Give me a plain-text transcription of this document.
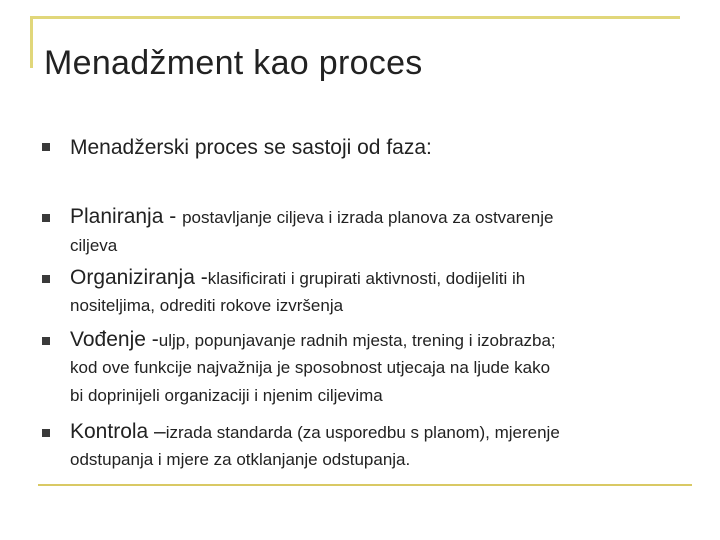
Menadžment kao proces
Menadžerski proces se sastoji od faza:
Planiranja - postavljanje ciljeva i izrada planova za ostvarenje
ciljeva
Organiziranja -klasificirati i grupirati aktivnosti, dodijeliti ih
nositeljima, odrediti rokove izvršenja
Vođenje -uljp, popunjavanje radnih mjesta, trening i izobrazba;
kod ove funkcije najvažnija je sposobnost utjecaja na ljude kako
bi doprinijeli organizaciji i njenim ciljevima
Kontrola –izrada standarda (za usporedbu s planom), mjerenje
odstupanja i mjere za otklanjanje odstupanja.
